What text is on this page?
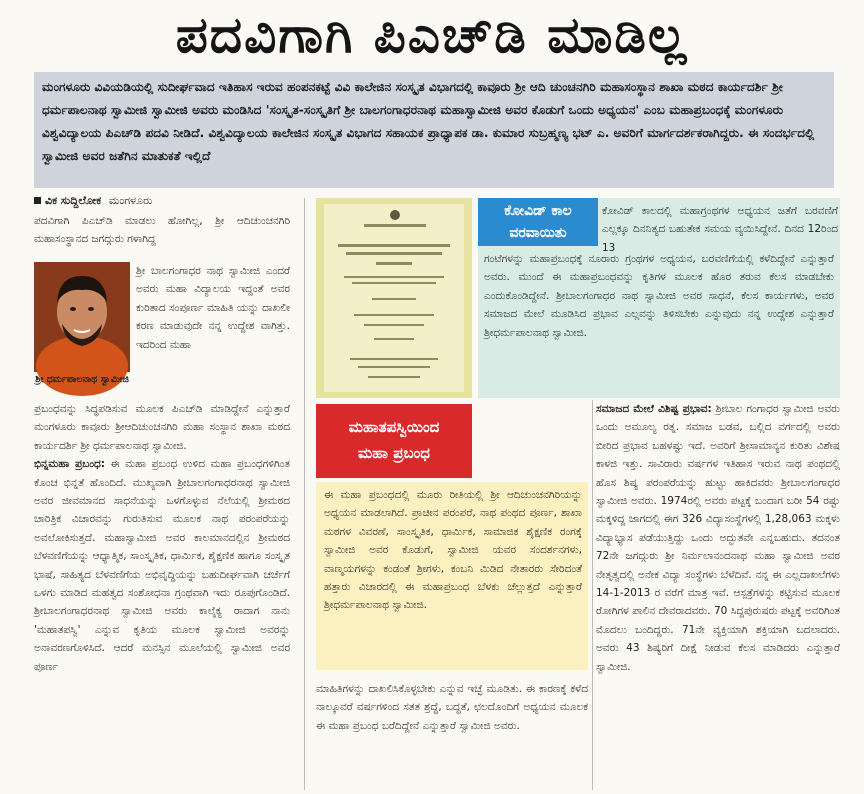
ಪದವಿಗಾಗಿ ಪಿಎಚ್‌ಡಿ ಮಾಡಿಲ್ಲ
ಮಂಗಳೂರು ವಿವಿಯಡಿಯಲ್ಲಿ ಸುದೀರ್ಘವಾದ ಇತಿಹಾಸ ಇರುವ ಹಂಪನಕಟ್ಟೆ ವಿವಿ ಕಾಲೇಜಿನ ಸಂಸ್ಕೃತ ವಿಭಾಗದಲ್ಲಿ ಕಾವೂರು ಶ್ರೀ ಆದಿ ಚುಂಚನಗಿರಿ ಮಹಾಸಂಸ್ಥಾನ ಶಾಖಾ ಮಠದ ಕಾರ್ಯದರ್ಶಿ ಶ್ರೀ ಧರ್ಮಪಾಲನಾಥ ಸ್ವಾಮೀಜಿ ಸ್ವಾಮೀಜಿ ಅವರು ಮಂಡಿಸಿದ 'ಸಂಸ್ಕೃತ-ಸಂಸ್ಕೃತಿಗೆ ಶ್ರೀ ಬಾಲಗಂಗಾಧರನಾಥ ಮಹಾಸ್ವಾಮೀಜಿ ಅವರ ಕೊಡುಗೆ ಒಂದು ಅಧ್ಯಯನ' ಎಂಬ ಮಹಾಪ್ರಬಂಧಕ್ಕೆ ಮಂಗಳೂರು ವಿಶ್ವವಿದ್ಯಾಲಯ ಪಿಎಚ್‌ಡಿ ಪದವಿ ನೀಡಿದೆ. ವಿಶ್ವವಿದ್ಯಾಲಯ ಕಾಲೇಜಿನ ಸಂಸ್ಕೃತ ವಿಭಾಗದ ಸಹಾಯಕ ಪ್ರಾಧ್ಯಾಪಕ ಡಾ. ಕುಮಾರ ಸುಬ್ರಹ್ಮಣ್ಯ ಭಟ್ ಎ. ಅವರಿಗೆ ಮಾರ್ಗದರ್ಶಕರಾಗಿದ್ದರು. ಈ ಸಂದರ್ಭದಲ್ಲಿ ಸ್ವಾಮೀಜಿ ಅವರ ಜತೆಗಿನ ಮಾತುಕತೆ ಇಲ್ಲಿದೆ
ವಿಕ ಸುದ್ದಿಲೋಕ ಮಂಗಳೂರು
ಪದವಿಗಾಗಿ ಪಿಎಚ್‌ಡಿ ಮಾಡಲು ಹೋಗಿಲ್ಲ, ಶ್ರೀ ಆದಿಚುಂಚನಗಿರಿ ಮಹಾಸಂಸ್ಥಾನದ ಜಗದ್ಗುರು ಗಳಾಗಿದ್ದ
ಶ್ರೀ ಧರ್ಮಪಾಲನಾಥ ಸ್ವಾಮೀಜಿ
ಶ್ರೀ ಬಾಲಗಂಗಾಧರ ನಾಥ ಸ್ವಾಮೀಜಿ ಎಂದರೆ ಅವರು ಮಹಾ ವಿದ್ಯಾಲಯ ಇದ್ದಂತೆ ಅವರ ಕುರಿತಾದ ಸಂಪೂರ್ಣ ಮಾಹಿತಿ ಯನ್ನು ದಾಖಲೀ ಕರಣ ಮಾಡುವುದೇ ನನ್ನ ಉದ್ದೇಶ ವಾಗಿತ್ತು. ಇದರಿಂದ ಮಹಾ
ಪ್ರಬಂಧವನ್ನು ಸಿದ್ಧಪಡಿಸುವ ಮೂಲಕ ಪಿಎಚ್‌ಡಿ ಮಾಡಿದ್ದೇನೆ ಎನ್ನುತ್ತಾರೆ ಮಂಗಳೂರು ಕಾವೂರು ಶ್ರೀಆದಿಚುಂಚನಗಿರಿ ಮಹಾ ಸಂಸ್ಥಾನ ಶಾಖಾ ಮಠದ ಕಾರ್ಯದರ್ಶಿ ಶ್ರೀ ಧರ್ಮಪಾಲನಾಥ ಸ್ವಾಮೀಜಿ.
ಭಿನ್ನಮಹಾ ಪ್ರಬಂಧ: ಈ ಮಹಾ ಪ್ರಬಂಧ ಉಳಿದ ಮಹಾ ಪ್ರಬಂಧಗಳಿಗಿಂತ ಕೊಂಚ ಭಿನ್ನತೆ ಹೊಂದಿದೆ. ಮುಖ್ಯವಾಗಿ ಶ್ರೀಬಾಲಗಂಗಾಧರನಾಥ ಸ್ವಾಮೀಜಿ ಅವರ ಜೀವಮಾನದ ಸಾಧನೆಯನ್ನು ಒಳಗೊಳ್ಳುವ ನೆಲೆಯಲ್ಲಿ ಶ್ರೀಮಠದ ಚಾರಿತ್ರಿಕ ವಿಚಾರವನ್ನು ಗುರುತಿಸುವ ಮೂಲಕ ನಾಥ ಪರಂಪರೆಯನ್ನು ಅವಲೋಕಿಸುತ್ತದೆ. ಮಹಾಸ್ವಾಮೀಜಿ ಅವರ ಕಾಲಮಾನದಲ್ಲಿನ ಶ್ರೀಮಠದ ಬೆಳವಣಿಗೆಯನ್ನು ಆಧ್ಯಾತ್ಮಿಕ, ಸಾಂಸ್ಕೃತಿಕ, ಧಾರ್ಮಿಕ, ಶೈಕ್ಷಣಿಕ ಹಾಗೂ ಸಂಸ್ಕೃತ ಭಾಷೆ, ಸಾಹಿತ್ಯದ ಬೆಳವಣಿಗೆಯ ಅಭಿವೃದ್ಧಿಯನ್ನು ಬಹುದೀರ್ಘವಾಗಿ ಚರ್ಚೆಗೆ ಒಳಗು ಮಾಡಿದ ಮಹತ್ವದ ಸಂಶೋಧನಾ ಗ್ರಂಥವಾಗಿ ಇದು ರೂಪುಗೊಂಡಿದೆ. ಶ್ರೀಬಾಲಗಂಗಾಧರನಾಥ ಸ್ವಾಮೀಜಿ ಅವರು ಕಾಲೈಕ್ಯ ರಾದಾಗ ನಾನು 'ಮಹಾತಪಸ್ವಿ' ಎನ್ನುವ ಕೃತಿಯ ಮೂಲಕ ಸ್ವಾಮೀಜಿ ಅವರನ್ನು ಅನಾವರಣಗೊಳಿಸಿದೆ. ಆದರೆ ಮನಸ್ಸಿನ ಮೂಲೆಯಲ್ಲಿ ಸ್ವಾಮೀಜಿ ಅವರ ಪೂರ್ಣ
ಕೋವಿಡ್ ಕಾಲ
ವರವಾಯಿತು
ಕೋವಿಡ್ ಕಾಲದಲ್ಲಿ ಮಹಾಗ್ರಂಥಗಳ ಅಧ್ಯಯನ ಜತೆಗೆ ಬರವಣಿಗೆ ಎಲ್ಲಕ್ಕೂ ದಿನನಿತ್ಯದ ಬಹುತೇಕ ಸಮಯ ವ್ಯಯಿಸಿದ್ದೇನೆ. ದಿನದ 12ರಿಂದ 13
ಗಂಟೆಗಳನ್ನು ಮಹಾಪ್ರಬಂಧಕ್ಕೆ ನೂರಾರು ಗ್ರಂಥಗಳ ಅಧ್ಯಯನ, ಬರವಣಿಗೆಯಲ್ಲಿ ಕಳೆದಿದ್ದೇನೆ ಎನ್ನುತ್ತಾರೆ ಅವರು. ಮುಂದೆ ಈ ಮಹಾಪ್ರಬಂಧವನ್ನು ಕೃತಿಗಳ ಮೂಲಕ ಹೊರ ತರುವ ಕೆಲಸ ಮಾಡಬೇಕು ಎಂದುಕೊಂಡಿದ್ದೇನೆ. ಶ್ರೀಬಾಲಗಂಗಾಧರ ನಾಥ ಸ್ವಾಮೀಜಿ ಅವರ ಸಾಧನೆ, ಕೆಲಸ ಕಾರ್ಯಗಳು, ಅವರ ಸಮಾಜದ ಮೇಲೆ ಮೂಡಿಸಿದ ಪ್ರಭಾವ ಎಲ್ಲವನ್ನು ತಿಳಿಸಬೇಕು ಎನ್ನುವುದು ನನ್ನ ಉದ್ದೇಶ ಎನ್ನುತ್ತಾರೆ ಶ್ರೀಧರ್ಮಪಾಲನಾಥ ಸ್ವಾಮೀಜಿ.
ಮಹಾತಪಸ್ವಿಯಿಂದ
ಮಹಾ ಪ್ರಬಂಧ
ಈ ಮಹಾ ಪ್ರಬಂಧದಲ್ಲಿ ಮೂರು ರೀತಿಯಲ್ಲಿ ಶ್ರೀ ಆದಿಚುಂಚನಗಿರಿಯನ್ನು ಅಧ್ಯಯನ ಮಾಡಲಾಗಿದೆ. ಪ್ರಾಚೀನ ಪರಂಪರೆ, ನಾಥ ಪಂಥದ ಪೂರ್ಣ, ಶಾಖಾ ಮಠಗಳ ವಿವರಣೆ, ಸಾಂಸ್ಕೃತಿಕ, ಧಾರ್ಮಿಕ, ಸಾಮಾಜಿಕ ಶೈಕ್ಷಣಿಕ ರಂಗಕ್ಕೆ ಸ್ವಾಮೀಜಿ ಅವರ ಕೊಡುಗೆ, ಸ್ವಾಮೀಜಿ ಯವರ ಸಂದರ್ಶನಗಳು, ವಾಣ್ಮಯಗಳನ್ನು ಕಂಡಂತೆ ಶ್ರೀಗಳು, ಕಂಬನಿ ಮಿಡಿದ ನೇತಾರರು ಸೇರಿದಂತೆ ಹತ್ತಾರು ವಿಚಾರದಲ್ಲಿ ಈ ಮಹಾಪ್ರಬಂಧ ಬೆಳಕು ಚೆಲ್ಲುತ್ತದೆ ಎನ್ನುತ್ತಾರೆ ಶ್ರೀಧರ್ಮಪಾಲನಾಥ ಸ್ವಾಮೀಜಿ.
ಮಾಹಿತಿಗಳನ್ನು ದಾಖಲಿಸಿಕೊಳ್ಳಬೇಕು ಎನ್ನುವ ಇಚ್ಛೆ ಮೂಡಿತು. ಈ ಕಾರಣಕ್ಕೆ ಕಳೆದ ನಾಲ್ಕೂವರೆ ವರ್ಷಗಳಿಂದ ಸತತ ಶ್ರದ್ಧೆ, ಬದ್ಧತೆ, ಛಲದೊಂದಿಗೆ ಅಧ್ಯಯನ ಮೂಲಕ ಈ ಮಹಾ ಪ್ರಬಂಧ ಬರೆದಿದ್ದೇನೆ ಎನ್ನುತ್ತಾರೆ ಸ್ವಾಮೀಜಿ ಅವರು.
ಸಮಾಜದ ಮೇಲೆ ವಿಶಿಷ್ಟ ಪ್ರಭಾವ: ಶ್ರೀಬಾಲ ಗಂಗಾಧರ ಸ್ವಾಮೀಜಿ ಅವರು ಒಂದು ಅಮೂಲ್ಯ ರತ್ನ. ಸಮಾಜ ಬಡವ, ಬಲ್ಲಿದ ವರ್ಗದಲ್ಲಿ ಅವರು ಬೀರಿದ ಪ್ರಭಾವ ಬಹಳಷ್ಟು ಇದೆ. ಅವರಿಗೆ ಶ್ರೀಸಾಮಾನ್ಯನ ಕುರಿತು ವಿಶೇಷ ಕಾಳಜಿ ಇತ್ತು. ಸಾವಿರಾರು ವರ್ಷಗಳ ಇತಿಹಾಸ ಇರುವ ನಾಥ ಪಂಥದಲ್ಲಿ ಹೊಸ ಶಿಷ್ಯ ಪರಂಪರೆಯನ್ನು ಹುಟ್ಟು ಹಾಕಿದವರು ಶ್ರೀಬಾಲಗಂಗಾಧರ ಸ್ವಾಮೀಜಿ ಅವರು. 1974ರಲ್ಲಿ ಅವರು ಪಟ್ಟಕ್ಕೆ ಬಂದಾಗ ಬರೀ 54 ರಷ್ಟು ಮಕ್ಕಳಿದ್ದ ಜಾಗದಲ್ಲಿ ಈಗ 326 ವಿದ್ಯಾಸಂಸ್ಥೆಗಳಲ್ಲಿ 1,28,063 ಮಕ್ಕಳು ವಿದ್ಯಾಭ್ಯಾಸ ಪಡೆಯುತ್ತಿದ್ದು ಒಂದು ಅದ್ಭುತವೇ ಎನ್ನಬಹುದು. ತದನಂತ 72ನೇ ಜಗದ್ಗುರು ಶ್ರೀ ನಿರ್ಮಲಾನಂದನಾಥ ಮಹಾ ಸ್ವಾಮೀಜಿ ಅವರ ನೇತೃತ್ವದಲ್ಲಿ ಅನೇಕ ವಿದ್ಯಾ ಸಂಸ್ಥೆಗಳು ಬೆಳೆದಿವೆ. ನನ್ನ ಈ ಎಲ್ಲದಾಖಲೆಗಳು 14-1-2013 ರ ವರೆಗೆ ಮಾತ್ರ ಇವೆ. ಆಸ್ಪತ್ರೆಗಳನ್ನು ಕಟ್ಟಿಸುವ ಮೂಲಕ ರೋಗಿಗಳ ಪಾಲಿನ ದೇವರಾದವರು. 70 ಸಿದ್ದಪುರುಷರು ಪಟ್ಟಕ್ಕೆ ಅವರಿಗಿಂತ ಮೊದಲು ಬಂದಿದ್ದರು. 71ನೇ ವ್ಯಕ್ತಿಯಾಗಿ ಶಕ್ತಿಯಾಗಿ ಬದಲಾದರು. ಅವರು 43 ಶಿಷ್ಯರಿಗೆ ದೀಕ್ಷೆ ನೀಡುವ ಕೆಲಸ ಮಾಡಿದರು ಎನ್ನುತ್ತಾರೆ ಸ್ವಾಮೀಜಿ.
